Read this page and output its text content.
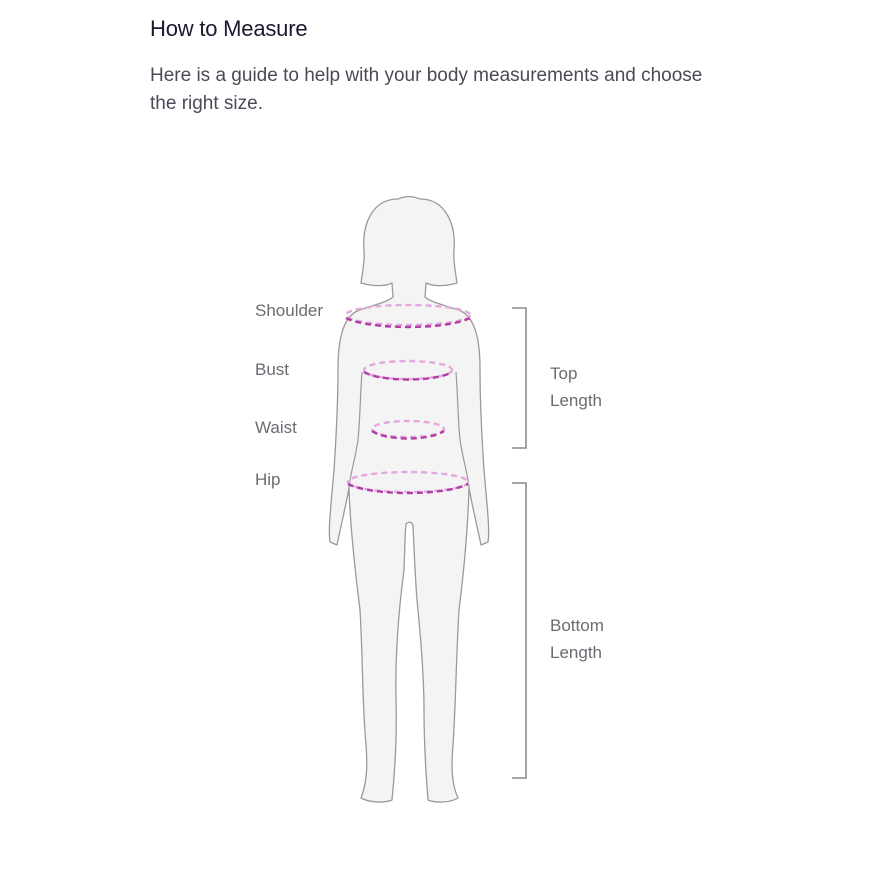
How to Measure

Here is a guide to help with your body measurements and choose the right size.

Shoulder
Bust
Waist
Hip
Top
Length
Bottom
Length
